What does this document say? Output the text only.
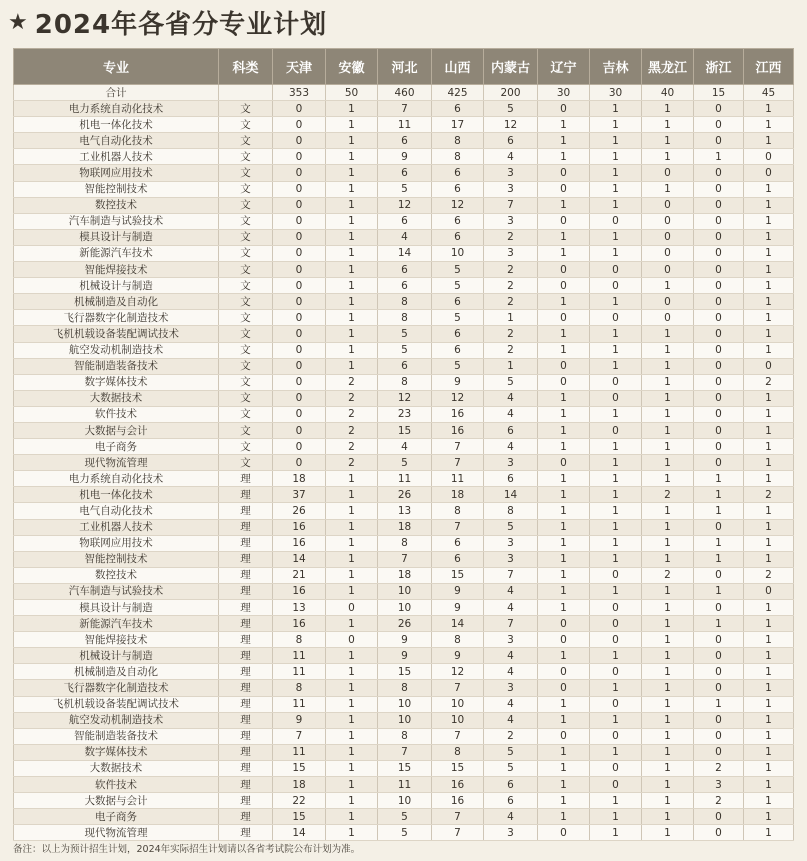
★ 2024年各省分专业计划
专业	科类	天津	安徽	河北	山西	内蒙古	辽宁	吉林	黑龙江	浙江	江西
合计		353	50	460	425	200	30	30	40	15	45
电力系统自动化技术	文	0	1	7	6	5	0	1	1	0	1
机电一体化技术	文	0	1	11	17	12	1	1	1	0	1
电气自动化技术	文	0	1	6	8	6	1	1	1	0	1
工业机器人技术	文	0	1	9	8	4	1	1	1	1	0
物联网应用技术	文	0	1	6	6	3	0	1	0	0	0
智能控制技术	文	0	1	5	6	3	0	1	1	0	1
数控技术	文	0	1	12	12	7	1	1	0	0	1
汽车制造与试验技术	文	0	1	6	6	3	0	0	0	0	1
模具设计与制造	文	0	1	4	6	2	1	1	0	0	1
新能源汽车技术	文	0	1	14	10	3	1	1	0	0	1
智能焊接技术	文	0	1	6	5	2	0	0	0	0	1
机械设计与制造	文	0	1	6	5	2	0	0	1	0	1
机械制造及自动化	文	0	1	8	6	2	1	1	0	0	1
飞行器数字化制造技术	文	0	1	8	5	1	0	0	0	0	1
飞机机载设备装配调试技术	文	0	1	5	6	2	1	1	1	0	1
航空发动机制造技术	文	0	1	5	6	2	1	1	1	0	1
智能制造装备技术	文	0	1	6	5	1	0	1	1	0	0
数字媒体技术	文	0	2	8	9	5	0	0	1	0	2
大数据技术	文	0	2	12	12	4	1	0	1	0	1
软件技术	文	0	2	23	16	4	1	1	1	0	1
大数据与会计	文	0	2	15	16	6	1	0	1	0	1
电子商务	文	0	2	4	7	4	1	1	1	0	1
现代物流管理	文	0	2	5	7	3	0	1	1	0	1
电力系统自动化技术	理	18	1	11	11	6	1	1	1	1	1
机电一体化技术	理	37	1	26	18	14	1	1	2	1	2
电气自动化技术	理	26	1	13	8	8	1	1	1	1	1
工业机器人技术	理	16	1	18	7	5	1	1	1	0	1
物联网应用技术	理	16	1	8	6	3	1	1	1	1	1
智能控制技术	理	14	1	7	6	3	1	1	1	1	1
数控技术	理	21	1	18	15	7	1	0	2	0	2
汽车制造与试验技术	理	16	1	10	9	4	1	1	1	1	0
模具设计与制造	理	13	0	10	9	4	1	0	1	0	1
新能源汽车技术	理	16	1	26	14	7	0	0	1	1	1
智能焊接技术	理	8	0	9	8	3	0	0	1	0	1
机械设计与制造	理	11	1	9	9	4	1	1	1	0	1
机械制造及自动化	理	11	1	15	12	4	0	0	1	0	1
飞行器数字化制造技术	理	8	1	8	7	3	0	1	1	0	1
飞机机载设备装配调试技术	理	11	1	10	10	4	1	0	1	1	1
航空发动机制造技术	理	9	1	10	10	4	1	1	1	0	1
智能制造装备技术	理	7	1	8	7	2	0	0	1	0	1
数字媒体技术	理	11	1	7	8	5	1	1	1	0	1
大数据技术	理	15	1	15	15	5	1	0	1	2	1
软件技术	理	18	1	11	16	6	1	0	1	3	1
大数据与会计	理	22	1	10	16	6	1	1	1	2	1
电子商务	理	15	1	5	7	4	1	1	1	0	1
现代物流管理	理	14	1	5	7	3	0	1	1	0	1
备注：以上为预计招生计划，2024年实际招生计划请以各省考试院公布计划为准。
